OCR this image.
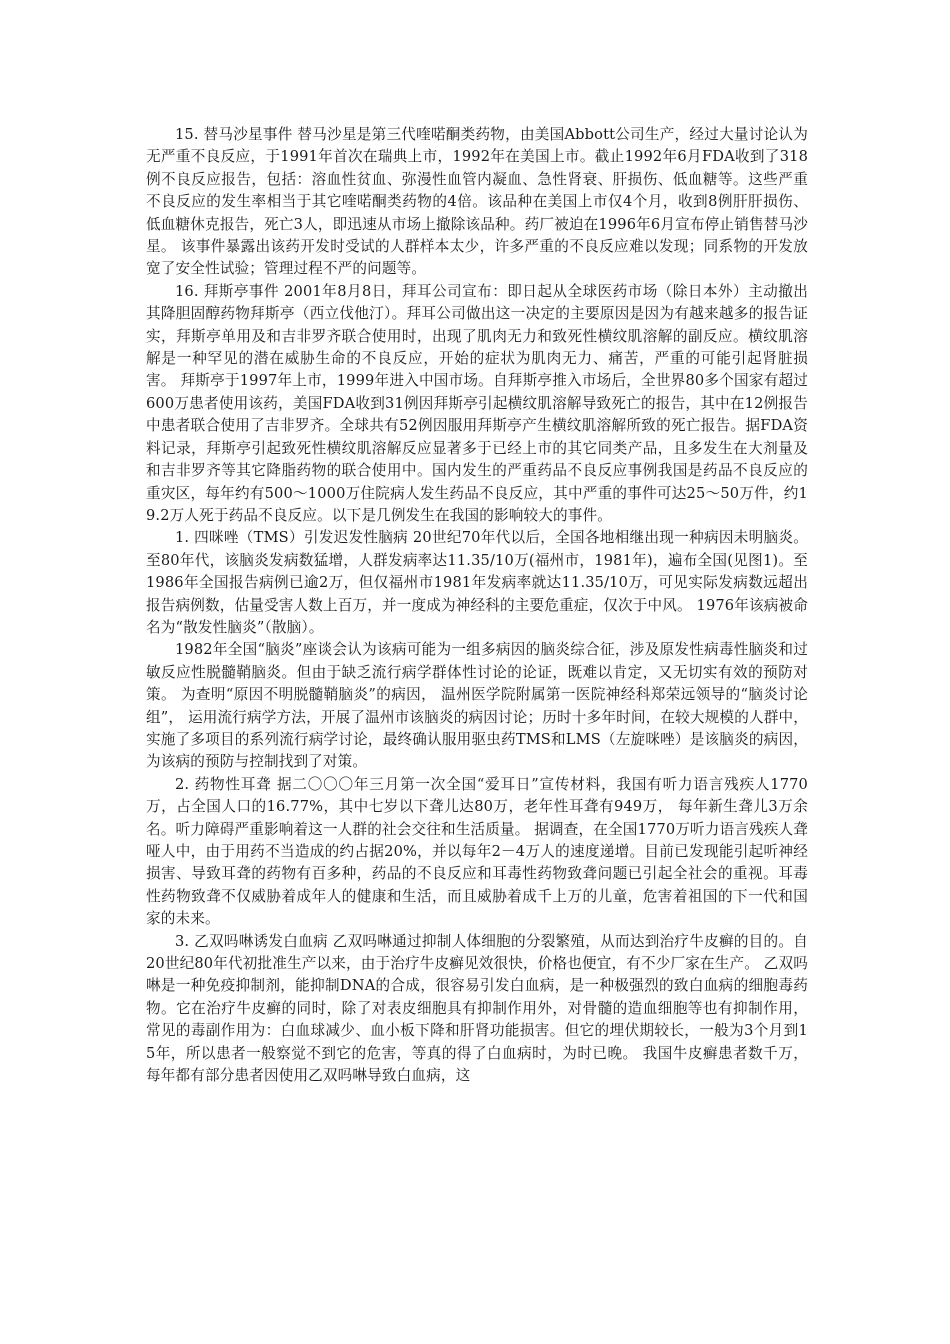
15. 替马沙星事件 替马沙星是第三代喹喏酮类药物，由美国Abbott公司生产，经过大量讨论认为无严重不良反应，于1991年首次在瑞典上市，1992年在美国上市。截止1992年6月FDA收到了318例不良反应报告，包括：溶血性贫血、弥漫性血管内凝血、急性肾衰、肝损伤、低血糖等。这些严重不良反应的发生率相当于其它喹喏酮类药物的4倍。该品种在美国上市仅4个月，收到8例肝肝损伤、低血糖休克报告，死亡3人，即迅速从市场上撤除该品种。药厂被迫在1996年6月宣布停止销售替马沙星。 该事件暴露出该药开发时受试的人群样本太少，许多严重的不良反应难以发现；同系物的开发放宽了安全性试验；管理过程不严的问题等。

16. 拜斯亭事件 2001年8月8日，拜耳公司宣布：即日起从全球医药市场（除日本外）主动撤出其降胆固醇药物拜斯亭（西立伐他汀）。拜耳公司做出这一决定的主要原因是因为有越来越多的报告证实，拜斯亭单用及和吉非罗齐联合使用时，出现了肌肉无力和致死性横纹肌溶解的副反应。横纹肌溶解是一种罕见的潜在威胁生命的不良反应，开始的症状为肌肉无力、痛苦，严重的可能引起肾脏损害。 拜斯亭于1997年上市，1999年进入中国市场。自拜斯亭推入市场后，全世界80多个国家有超过600万患者使用该药，美国FDA收到31例因拜斯亭引起横纹肌溶解导致死亡的报告，其中在12例报告中患者联合使用了吉非罗齐。全球共有52例因服用拜斯亭产生横纹肌溶解所致的死亡报告。据FDA资料记录，拜斯亭引起致死性横纹肌溶解反应显著多于已经上市的其它同类产品，且多发生在大剂量及和吉非罗齐等其它降脂药物的联合使用中。国内发生的严重药品不良反应事例我国是药品不良反应的重灾区，每年约有500～1000万住院病人发生药品不良反应，其中严重的事件可达25～50万件，约19.2万人死于药品不良反应。以下是几例发生在我国的影响较大的事件。

1. 四咪唑（TMS）引发迟发性脑病 20世纪70年代以后，全国各地相继出现一种病因未明脑炎。至80年代，该脑炎发病数猛增，人群发病率达11.35/10万(福州市，1981年)，遍布全国(见图1)。至1986年全国报告病例已逾2万，但仅福州市1981年发病率就达11.35/10万，可见实际发病数远超出报告病例数，估量受害人数上百万，并一度成为神经科的主要危重症，仅次于中风。 1976年该病被命名为“散发性脑炎”（散脑）。

1982年全国“脑炎”座谈会认为该病可能为一组多病因的脑炎综合征，涉及原发性病毒性脑炎和过敏反应性脱髓鞘脑炎。但由于缺乏流行病学群体性讨论的论证，既难以肯定，又无切实有效的预防对策。 为查明“原因不明脱髓鞘脑炎”的病因， 温州医学院附属第一医院神经科郑荣远领导的“脑炎讨论组”， 运用流行病学方法，开展了温州市该脑炎的病因讨论；历时十多年时间，在较大规模的人群中，实施了多项目的系列流行病学讨论，最终确认服用驱虫药TMS和LMS（左旋咪唑）是该脑炎的病因，为该病的预防与控制找到了对策。

2. 药物性耳聋 据二〇〇〇年三月第一次全国“爱耳日”宣传材料，我国有听力语言残疾人1770万，占全国人口的16.77%，其中七岁以下聋儿达80万，老年性耳聋有949万， 每年新生聋儿3万余名。听力障碍严重影响着这一人群的社会交往和生活质量。 据调查，在全国1770万听力语言残疾人聋哑人中，由于用药不当造成的约占据20%，并以每年2－4万人的速度递增。目前已发现能引起听神经损害、导致耳聋的药物有百多种，药品的不良反应和耳毒性药物致聋问题已引起全社会的重视。耳毒性药物致聋不仅威胁着成年人的健康和生活，而且威胁着成千上万的儿童，危害着祖国的下一代和国家的未来。

3. 乙双吗啉诱发白血病 乙双吗啉通过抑制人体细胞的分裂繁殖，从而达到治疗牛皮癣的目的。自20世纪80年代初批准生产以来，由于治疗牛皮癣见效很快，价格也便宜，有不少厂家在生产。 乙双吗啉是一种免疫抑制剂，能抑制DNA的合成，很容易引发白血病，是一种极强烈的致白血病的细胞毒药物。它在治疗牛皮癣的同时，除了对表皮细胞具有抑制作用外，对骨髓的造血细胞等也有抑制作用，常见的毒副作用为：白血球减少、血小板下降和肝肾功能损害。但它的埋伏期较长，一般为3个月到15年，所以患者一般察觉不到它的危害，等真的得了白血病时，为时已晚。 我国牛皮癣患者数千万，每年都有部分患者因使用乙双吗啉导致白血病，这
